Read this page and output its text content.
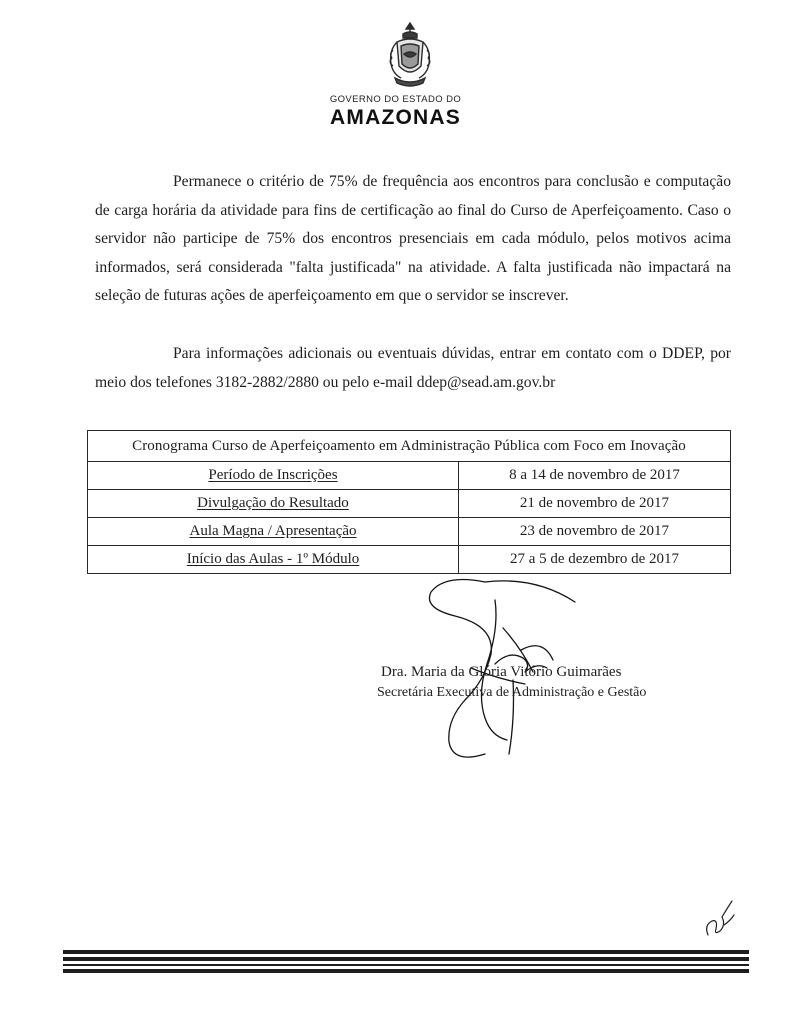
GOVERNO DO ESTADO DO
AMAZONAS

Permanece o critério de 75% de frequência aos encontros para conclusão e computação de carga horária da atividade para fins de certificação ao final do Curso de Aperfeiçoamento. Caso o servidor não participe de 75% dos encontros presenciais em cada módulo, pelos motivos acima informados, será considerada "falta justificada" na atividade. A falta justificada não impactará na seleção de futuras ações de aperfeiçoamento em que o servidor se inscrever.

Para informações adicionais ou eventuais dúvidas, entrar em contato com o DDEP, por meio dos telefones 3182-2882/2880 ou pelo e-mail ddep@sead.am.gov.br

Cronograma Curso de Aperfeiçoamento em Administração Pública com Foco em Inovação	
Período de Inscrições	8 a 14 de novembro de 2017
Divulgação do Resultado	21 de novembro de 2017
Aula Magna / Apresentação	23 de novembro de 2017
Início das Aulas - 1º Módulo	27 a 5 de dezembro de 2017
Dra. Maria da Glória Vitório Guimarães
Secretária Executiva de Administração e Gestão
